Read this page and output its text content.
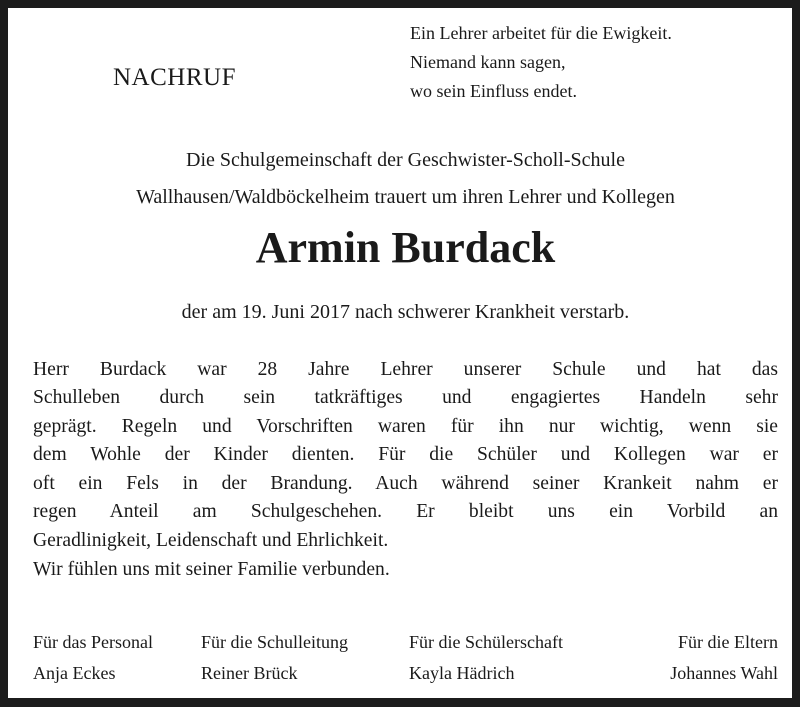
NACHRUF
Ein Lehrer arbeitet für die Ewigkeit.
Niemand kann sagen,
wo sein Einfluss endet.
Die Schulgemeinschaft der Geschwister-Scholl-Schule
Wallhausen/Waldböckelheim trauert um ihren Lehrer und Kollegen
Armin Burdack
der am 19. Juni 2017 nach schwerer Krankheit verstarb.
Herr Burdack war 28 Jahre Lehrer unserer Schule und hat das
Schulleben durch sein tatkräftiges und engagiertes Handeln sehr
geprägt. Regeln und Vorschriften waren für ihn nur wichtig, wenn sie
dem Wohle der Kinder dienten. Für die Schüler und Kollegen war er
oft ein Fels in der Brandung. Auch während seiner Krankeit nahm er
regen Anteil am Schulgeschehen. Er bleibt uns ein Vorbild an
Geradlinigkeit, Leidenschaft und Ehrlichkeit.
Wir fühlen uns mit seiner Familie verbunden.
Für das Personal
Anja Eckes
Für die Schulleitung
Reiner Brück
Für die Schülerschaft
Kayla Hädrich
Für die Eltern
Johannes Wahl
